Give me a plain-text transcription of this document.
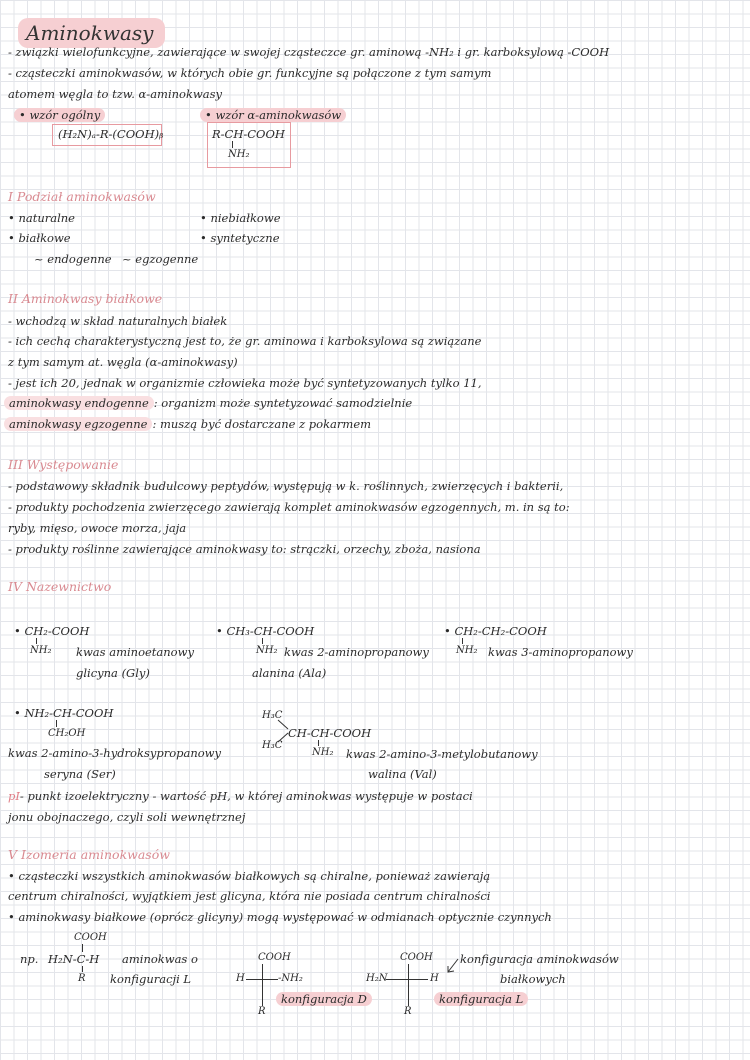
Aminokwasy
- związki wielofunkcyjne, zawierające w swojej cząsteczce gr. aminową -NH₂ i gr. karboksylową -COOH
- cząsteczki aminokwasów, w których obie gr. funkcyjne są połączone z tym samym
atomem węgla to tzw. α-aminokwasy
• wzór ogólny
(H₂N)ₐ-R-(COOH)ᵦ
• wzór α-aminokwasów
R-CH-COOH
NH₂
I Podział aminokwasów
• naturalne
• białkowe
• niebiałkowe
• syntetyczne
~ endogenne ~ egzogenne
II Aminokwasy białkowe
- wchodzą w skład naturalnych białek
- ich cechą charakterystyczną jest to, że gr. aminowa i karboksylowa są związane
z tym samym at. węgla (α-aminokwasy)
- jest ich 20, jednak w organizmie człowieka może być syntetyzowanych tylko 11,
aminokwasy endogenne : organizm może syntetyzować samodzielnie
aminokwasy egzogenne : muszą być dostarczane z pokarmem
III Występowanie
- podstawowy składnik budulcowy peptydów, występują w k. roślinnych, zwierzęcych i bakterii,
- produkty pochodzenia zwierzęcego zawierają komplet aminokwasów egzogennych, m. in są to:
ryby, mięso, owoce morza, jaja
- produkty roślinne zawierające aminokwasy to: strączki, orzechy, zboża, nasiona
IV Nazewnictwo
• CH₂-COOH
NH₂ kwas aminoetanowy
glicyna (Gly)
• CH₃-CH-COOH
NH₂ kwas 2-aminopropanowy
alanina (Ala)
• CH₂-CH₂-COOH
NH₂ kwas 3-aminopropanowy
• NH₂-CH-COOH
CH₂OH
kwas 2-amino-3-hydroksypropanowy
seryna (Ser)
H₃C
H₃C
CH-CH-COOH
NH₂ kwas 2-amino-3-metylobutanowy
walina (Val)
pI- punkt izoelektryczny - wartość pH, w której aminokwas występuje w postaci
jonu obojnaczego, czyli soli wewnętrznej
V Izomeria aminokwasów
• cząsteczki wszystkich aminokwasów białkowych są chiralne, ponieważ zawierają
centrum chiralności, wyjątkiem jest glicyna, która nie posiada centrum chiralności
• aminokwasy białkowe (oprócz glicyny) mogą występować w odmianach optycznie czynnych
COOH
np. H₂N-C-H
R
aminokwas o
konfiguracji L
COOH
H	-NH₂
R
konfiguracja D
COOH
H₂N	H
R
konfiguracja L
konfiguracja aminokwasów
białkowych
